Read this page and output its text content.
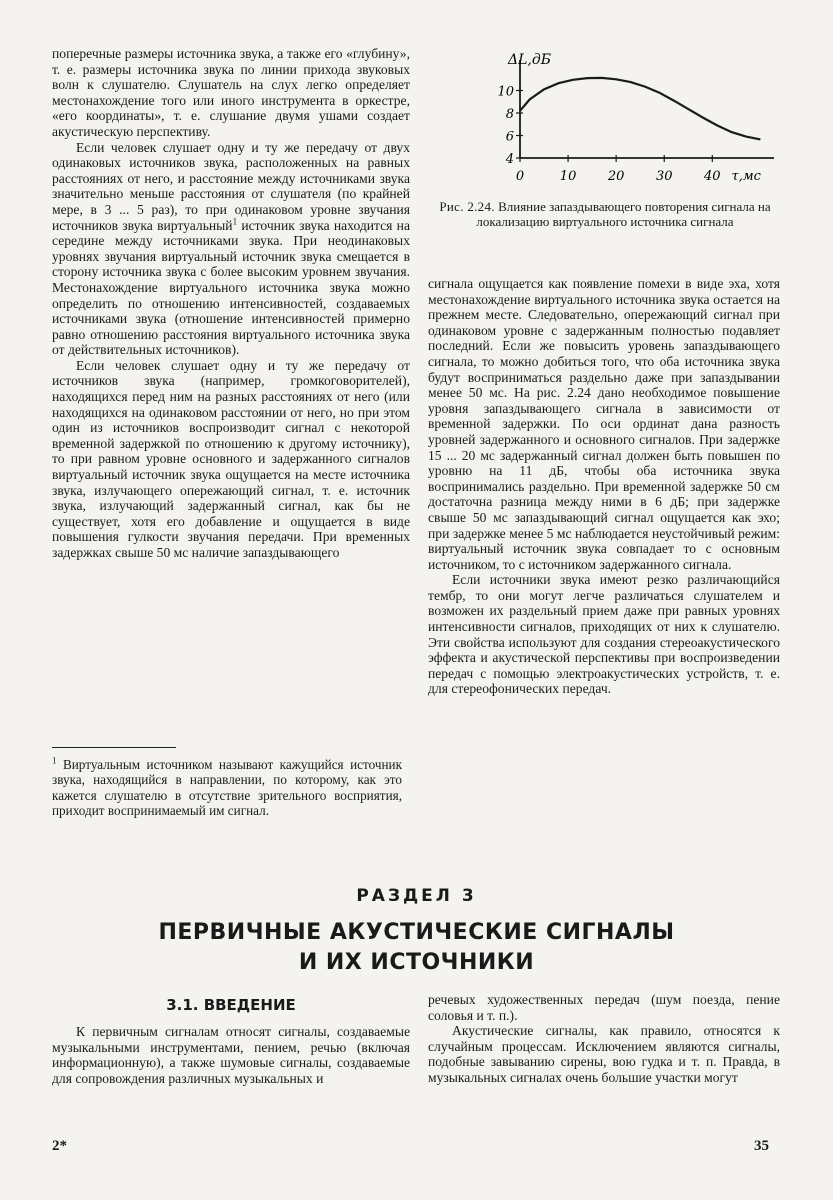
поперечные размеры источника звука, а также его «глубину», т. е. размеры источника звука по линии прихода звуковых волн к слушателю. Слушатель на слух легко определяет местонахождение того или иного инструмента в оркестре, «его координаты», т. е. слушание двумя ушами создает акустическую перспективу.

Если человек слушает одну и ту же передачу от двух одинаковых источников звука, расположенных на равных расстояниях от него, и расстояние между источниками звука значительно меньше расстояния от слушателя (по крайней мере, в 3 ... 5 раз), то при одинаковом уровне звучания источников звука виртуальный$^1$ источник звука находится на середине между источниками звука. При неодинаковых уровнях звучания виртуальный источник звука смещается в сторону источника звука с более высоким уровнем звучания. Местонахождение виртуального источника звука можно определить по отношению интенсивностей, создаваемых источниками звука (отношение интенсивностей примерно равно отношению расстояния виртуального источника звука от действительных источников).

Если человек слушает одну и ту же передачу от источников звука (например, громкоговорителей), находящихся перед ним на разных расстояниях от него (или находящихся на одинаковом расстоянии от него, но при этом один из источников воспроизводит сигнал с некоторой временной задержкой по отношению к другому источнику), то при равном уровне основного и задержанного сигналов виртуальный источник звука ощущается на месте источника звука, излучающего опережающий сигнал, т. е. источник звука, излучающий задержанный сигнал, как бы не существует, хотя его добавление и ощущается в виде повышения гулкости звучания передачи. При временных задержках свыше 50 мс наличие запаздывающего

$^1$ Виртуальным источником называют кажущийся источник звука, находящийся в направлении, по которому, как это кажется слушателю в отсутствие зрительного восприятия, приходит воспринимаемый им сигнал.
4
6
8
10
0	10 20 30 40
ΔL,дБ
τ,мс
Рис. 2.24. Влияние запаздывающего повторения сигнала на локализацию виртуального источника сигнала

сигнала ощущается как появление помехи в виде эха, хотя местонахождение виртуального источника звука остается на прежнем месте. Следовательно, опережающий сигнал при одинаковом уровне с задержанным полностью подавляет последний. Если же повысить уровень запаздывающего сигнала, то можно добиться того, что оба источника звука будут восприниматься раздельно даже при запаздывании менее 50 мс. На рис. 2.24 дано необходимое повышение уровня запаздывающего сигнала в зависимости от временной задержки. По оси ординат дана разность уровней задержанного и основного сигналов. При задержке 15 ... 20 мс задержанный сигнал должен быть повышен по уровню на 11 дБ, чтобы оба источника звука воспринимались раздельно. При временной задержке 50 см достаточна разница между ними в 6 дБ; при задержке свыше 50 мс запаздывающий сигнал ощущается как эхо; при задержке менее 5 мс наблюдается неустойчивый режим: виртуальный источник звука совпадает то с основным источником, то с источником задержанного сигнала.

Если источники звука имеют резко различающийся тембр, то они могут легче различаться слушателем и возможен их раздельный прием даже при равных уровнях интенсивности сигналов, приходящих от них к слушателю. Эти свойства используют для создания стереоакустического эффекта и акустической перспективы при воспроизведении передач с помощью электроакустических устройств, т. е. для стереофонических передач.

РАЗДЕЛ 3
ПЕРВИЧНЫЕ АКУСТИЧЕСКИЕ СИГНАЛЫ
И ИХ ИСТОЧНИКИ
3.1. ВВЕДЕНИЕ

К первичным сигналам относят сигналы, создаваемые музыкальными инструментами, пением, речью (включая информационную), а также шумовые сигналы, создаваемые для сопровождения различных музыкальных и

речевых художественных передач (шум поезда, пение соловья и т. п.).

Акустические сигналы, как правило, относятся к случайным процессам. Исключением являются сигналы, подобные завыванию сирены, вою гудка и т. п. Правда, в музыкальных сигналах очень большие участки могут

2*	35
